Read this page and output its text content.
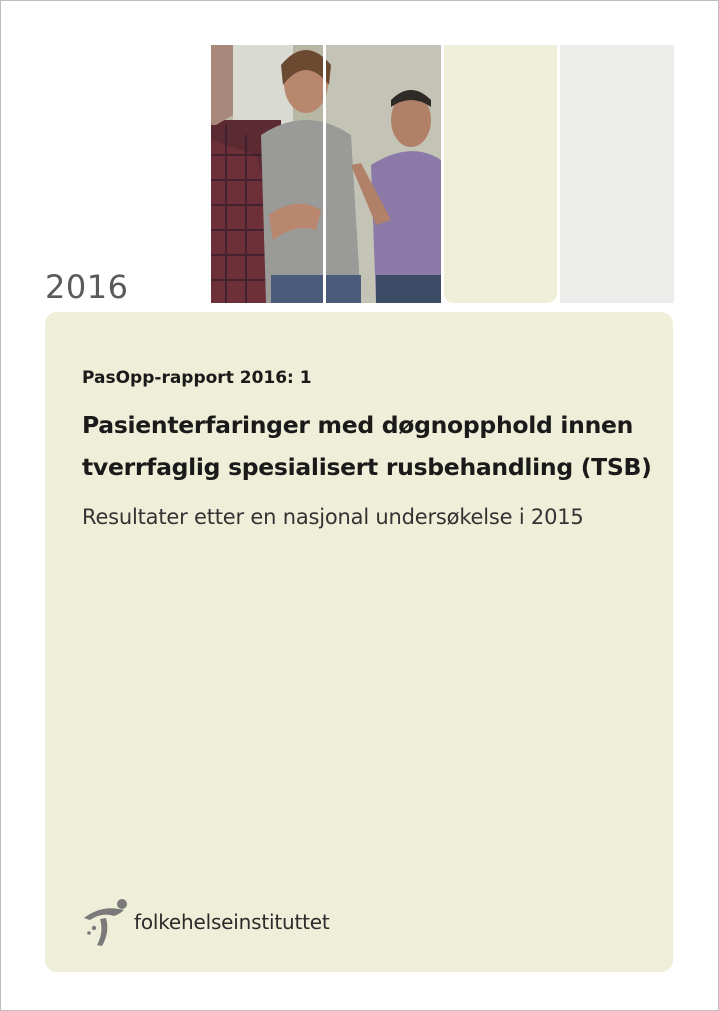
2016
PasOpp-rapport 2016: 1
Pasienterfaringer med døgnopphold innen
tverrfaglig spesialisert rusbehandling (TSB)
Resultater etter en nasjonal undersøkelse i 2015
folkehelseinstituttet
